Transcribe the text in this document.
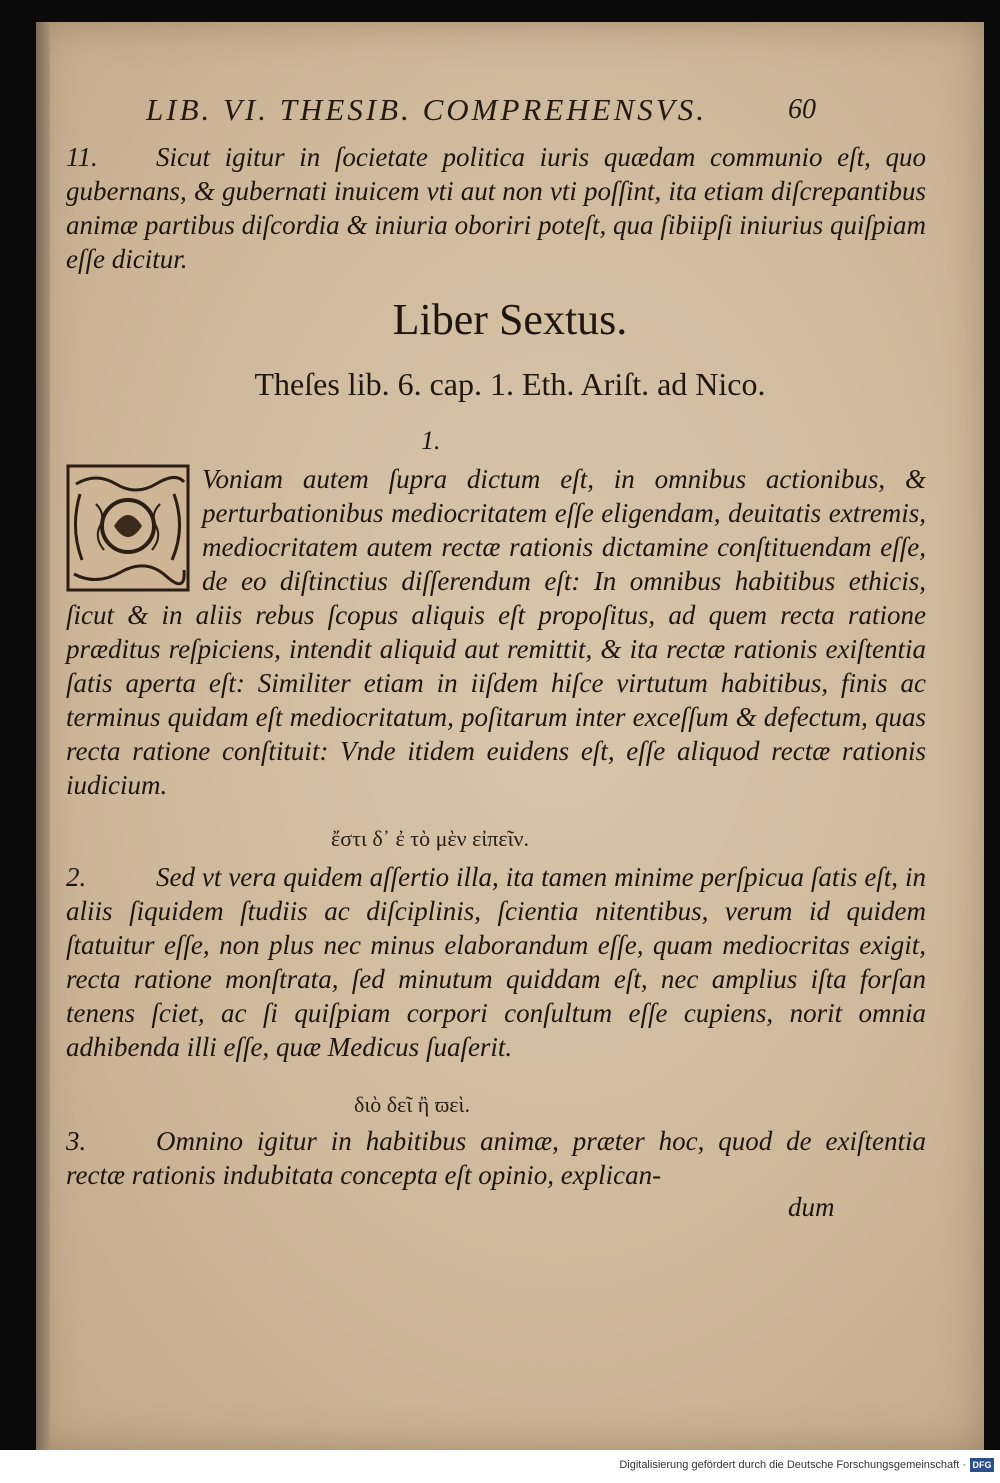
LIB. VI. THESIB. COMPREHENSVS.	60
11. Sicut igitur in ſocietate politica iuris quædam communio eſt, quo gubernans, & gubernati inuicem vti aut non vti poſſint, ita etiam diſcrepantibus animæ partibus diſcordia & iniuria oboriri poteſt, qua ſibiipſi iniurius quiſpiam eſſe dicitur.
Liber Sextus.
Theſes lib. 6. cap. 1. Eth. Ariſt. ad Nico.
1.
Voniam autem ſupra dictum eſt, in omnibus actionibus, & perturbationibus mediocritatem eſſe eligendam, deuitatis extremis, mediocritatem autem rectæ rationis dictamine conſtituendam eſſe, de eo diſtinctius diſſerendum eſt: In omnibus habitibus ethicis, ſicut & in aliis rebus ſcopus aliquis eſt propoſitus, ad quem recta ratione præditus reſpiciens, intendit aliquid aut remittit, & ita rectæ rationis exiſtentia ſatis aperta eſt: Similiter etiam in iiſdem hiſce virtutum habitibus, finis ac terminus quidam eſt mediocritatum, poſitarum inter exceſſum & defectum, quas recta ratione conſtituit: Vnde itidem euidens eſt, eſſe aliquod rectæ rationis iudicium.
ἔστι δ᾽ ἐ τὸ μὲν εἰπεῖν.
2.	Sed vt vera quidem aſſertio illa, ita tamen minime perſpicua ſatis eſt, in aliis ſiquidem ſtudiis ac diſciplinis, ſcientia nitentibus, verum id quidem ſtatuitur eſſe, non plus nec minus elaborandum eſſe, quam mediocritas exigit, recta ratione monſtrata, ſed minutum quiddam eſt, nec amplius iſta forſan tenens ſciet, ac ſi quiſpiam corpori conſultum eſſe cupiens, norit omnia adhibenda illi eſſe, quæ Medicus ſuaſerit.
διὸ δεῖ ἢ ϖεὶ.
3.	Omnino igitur in habitibus animæ, præter hoc, quod de exiſtentia rectæ rationis indubitata concepta eſt opinio, explican-
dum
Digitalisierung gefördert durch die Deutsche Forschungsgemeinschaft · DFG
